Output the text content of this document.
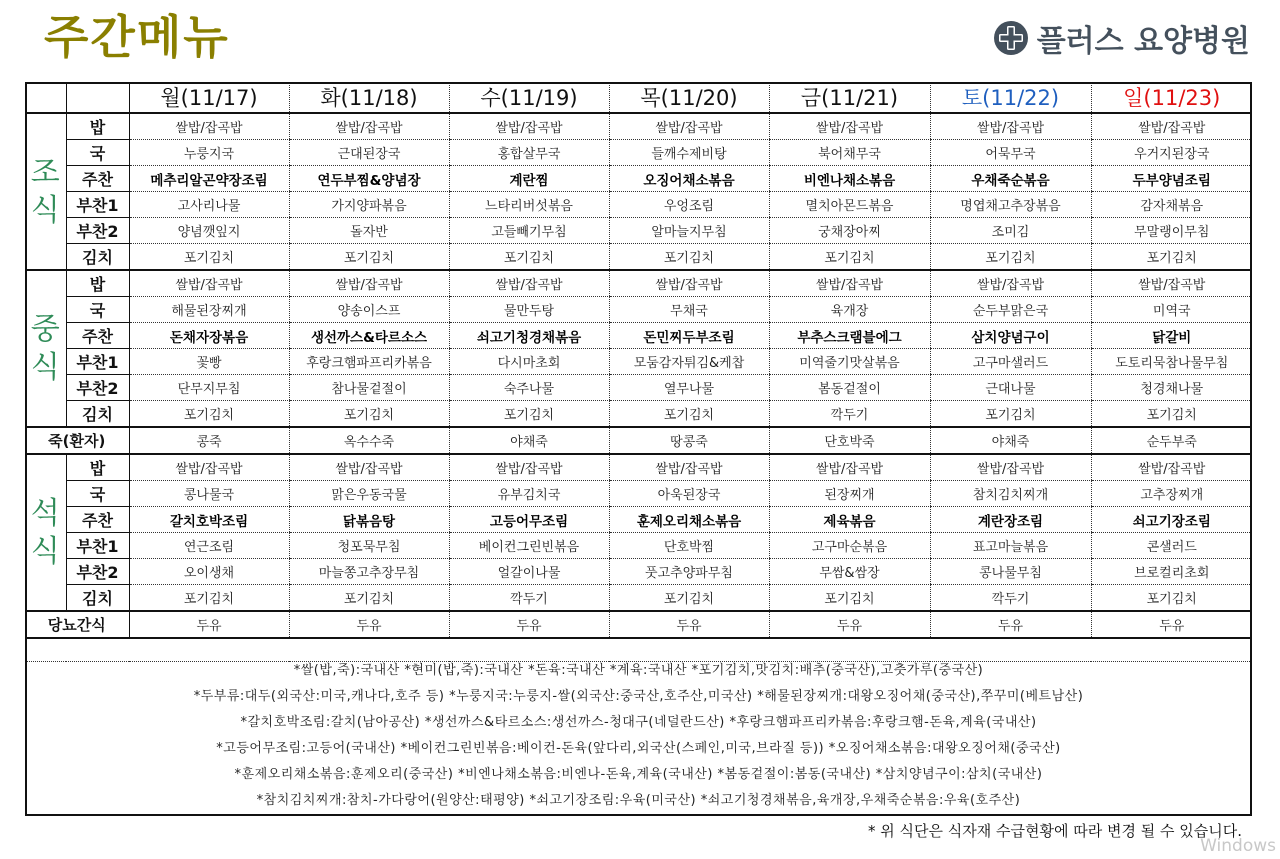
주간메뉴	플러스 요양병원
		월(11/17)	화(11/18)	수(11/19)	목(11/20)	금(11/21)	토(11/22)	일(11/23)

조
식	밥	쌀밥/잡곡밥	쌀밥/잡곡밥	쌀밥/잡곡밥	쌀밥/잡곡밥	쌀밥/잡곡밥	쌀밥/잡곡밥	쌀밥/잡곡밥
	국	누룽지국	근대된장국	홍합살무국	들깨수제비탕	북어채무국	어묵무국	우거지된장국
	주찬	메추리알곤약장조림	연두부찜&양념장	계란찜	오징어채소볶음	비엔나채소볶음	우채죽순볶음	두부양념조림
	부찬1	고사리나물	가지양파볶음	느타리버섯볶음	우엉조림	멸치아몬드볶음	명엽채고추장볶음	감자채볶음
	부찬2	양념깻잎지	돌자반	고들빼기무침	알마늘지무침	궁채장아찌	조미김	무말랭이무침
	김치	포기김치	포기김치	포기김치	포기김치	포기김치	포기김치	포기김치

중
식	밥	쌀밥/잡곡밥	쌀밥/잡곡밥	쌀밥/잡곡밥	쌀밥/잡곡밥	쌀밥/잡곡밥	쌀밥/잡곡밥	쌀밥/잡곡밥
	국	해물된장찌개	양송이스프	물만두탕	무채국	육개장	순두부맑은국	미역국
	주찬	돈채자장볶음	생선까스&타르소스	쇠고기청경채볶음	돈민찌두부조림	부추스크램블에그	삼치양념구이	닭갈비
	부찬1	꽃빵	후랑크햄파프리카볶음	다시마초회	모둠감자튀김&케찹	미역줄기맛살볶음	고구마샐러드	도토리묵참나물무침
	부찬2	단무지무침	참나물겉절이	숙주나물	열무나물	봄동겉절이	근대나물	청경채나물
	김치	포기김치	포기김치	포기김치	포기김치	깍두기	포기김치	포기김치
죽(환자)		콩죽	옥수수죽	야채죽	땅콩죽	단호박죽	야채죽	순두부죽

석
식	밥	쌀밥/잡곡밥	쌀밥/잡곡밥	쌀밥/잡곡밥	쌀밥/잡곡밥	쌀밥/잡곡밥	쌀밥/잡곡밥	쌀밥/잡곡밥
	국	콩나물국	맑은우동국물	유부김치국	아욱된장국	된장찌개	참치김치찌개	고추장찌개
	주찬	갈치호박조림	닭볶음탕	고등어무조림	훈제오리채소볶음	제육볶음	계란장조림	쇠고기장조림
	부찬1	연근조림	청포묵무침	베이컨그린빈볶음	단호박찜	고구마순볶음	표고마늘볶음	콘샐러드
	부찬2	오이생채	마늘쫑고추장무침	얼갈이나물	풋고추양파무침	무쌈&쌈장	콩나물무침	브로컬리초회
	김치	포기김치	포기김치	깍두기	포기김치	포기김치	깍두기	포기김치
당뇨간식		두유	두유	두유	두유	두유	두유	두유

*쌀(밥,죽):국내산 *현미(밥,죽):국내산 *돈육:국내산 *계육:국내산 *포기김치,맛김치:배추(중국산),고춧가루(중국산)
*두부류:대두(외국산:미국,캐나다,호주 등) *누룽지국:누룽지-쌀(외국산:중국산,호주산,미국산) *해물된장찌개:대왕오징어채(중국산),쭈꾸미(베트남산)
*갈치호박조림:갈치(남아공산) *생선까스&타르소스:생선까스-청대구(네덜란드산) *후랑크햄파프리카볶음:후랑크햄-돈육,계육(국내산)
*고등어무조림:고등어(국내산) *베이컨그린빈볶음:베이컨-돈육(앞다리,외국산(스페인,미국,브라질 등)) *오징어채소볶음:대왕오징어채(중국산)
*훈제오리채소볶음:훈제오리(중국산) *비엔나채소볶음:비엔나-돈육,계육(국내산) *봄동겉절이:봄동(국내산) *삼치양념구이:삼치(국내산)
*참치김치찌개:참치-가다랑어(원양산:태평양) *쇠고기장조림:우육(미국산) *쇠고기청경채볶음,육개장,우채죽순볶음:우육(호주산)
* 위 식단은 식자재 수급현황에 따라 변경 될 수 있습니다.
Windows
